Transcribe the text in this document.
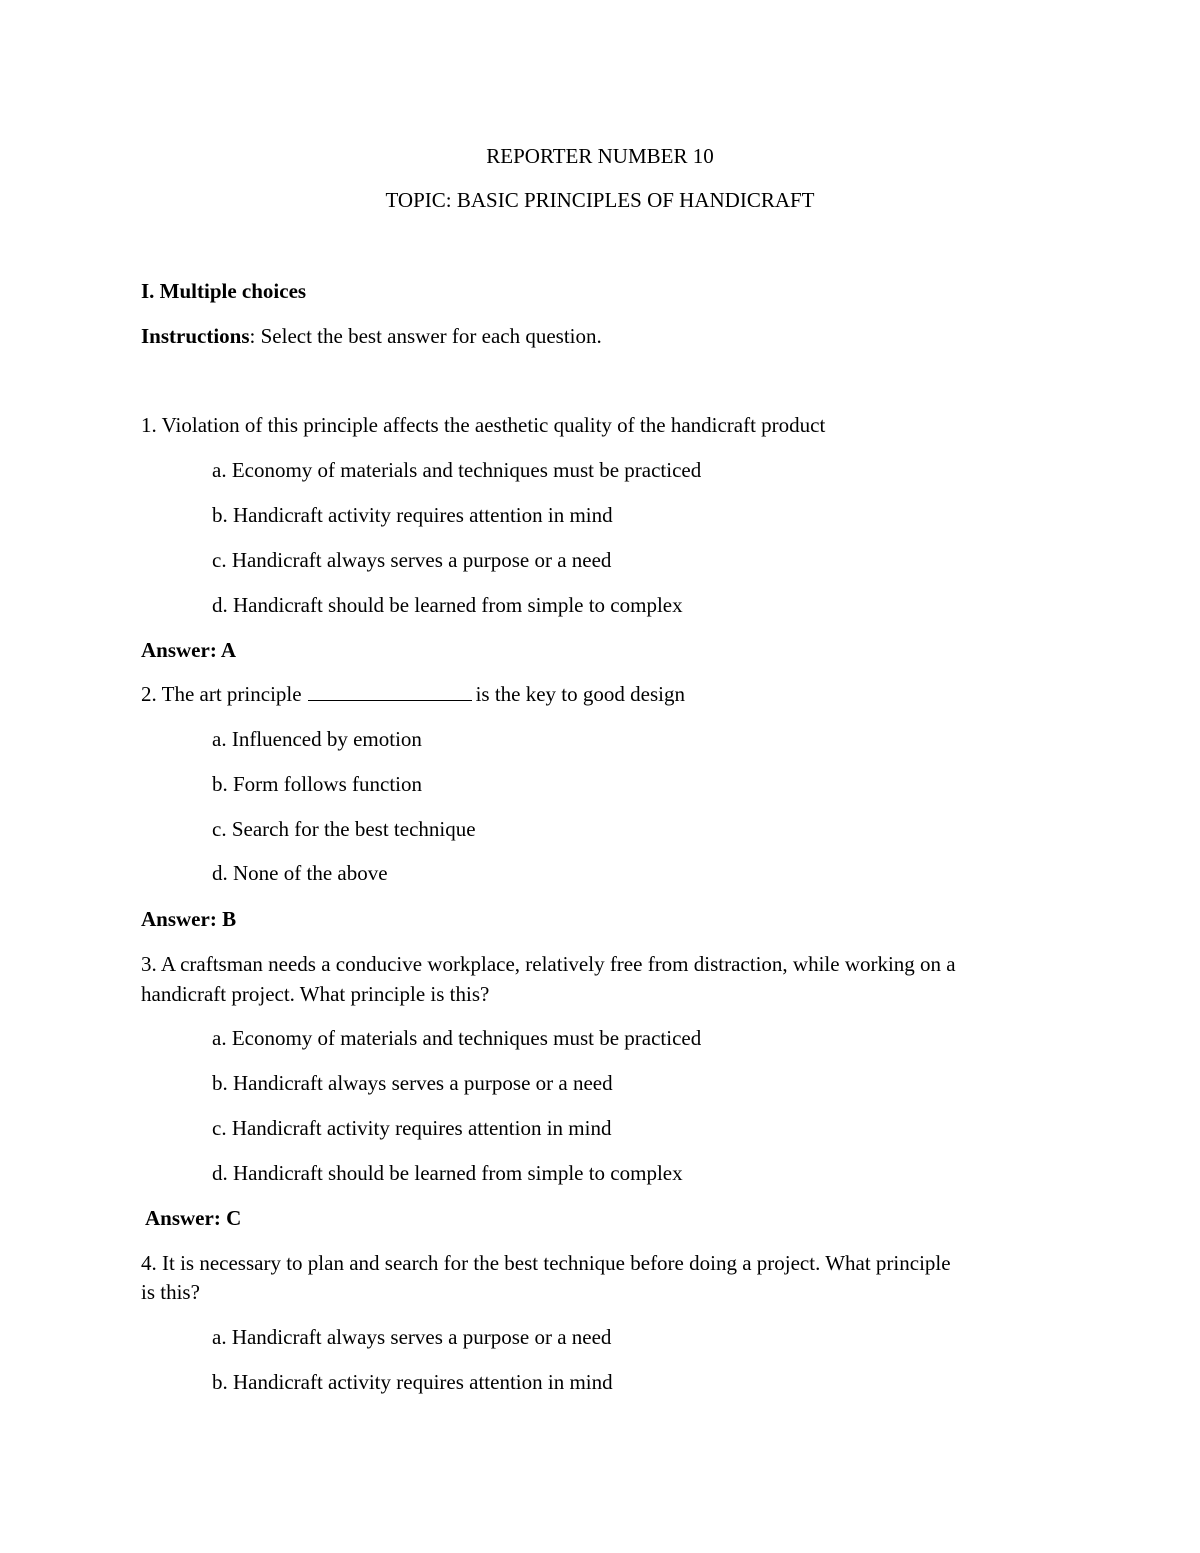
REPORTER NUMBER 10
TOPIC: BASIC PRINCIPLES OF HANDICRAFT
I. Multiple choices
Instructions: Select the best answer for each question.
1. Violation of this principle affects the aesthetic quality of the handicraft product
a. Economy of materials and techniques must be practiced
b. Handicraft activity requires attention in mind
c. Handicraft always serves a purpose or a need
d. Handicraft should be learned from simple to complex
Answer: A
2. The art principle	is the key to good design
a. Influenced by emotion
b. Form follows function
c. Search for the best technique
d. None of the above
Answer: B
3. A craftsman needs a conducive workplace, relatively free from distraction, while working on a
handicraft project. What principle is this?
a. Economy of materials and techniques must be practiced
b. Handicraft always serves a purpose or a need
c. Handicraft activity requires attention in mind
d. Handicraft should be learned from simple to complex
Answer: C
4. It is necessary to plan and search for the best technique before doing a project. What principle
is this?
a. Handicraft always serves a purpose or a need
b. Handicraft activity requires attention in mind
